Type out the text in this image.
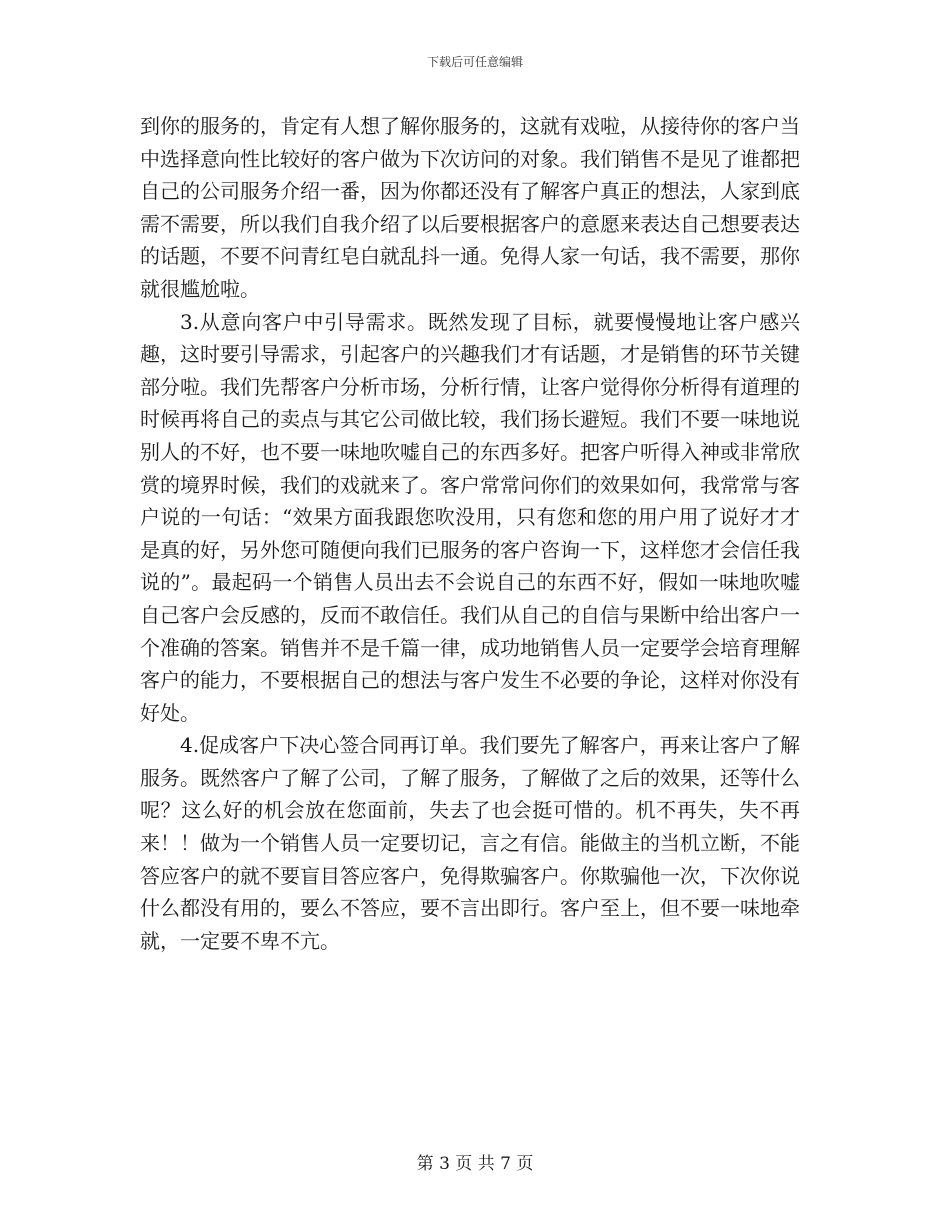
下载后可任意编辑

到你的服务的，肯定有人想了解你服务的，这就有戏啦，从接待你的客户当中选择意向性比较好的客户做为下次访问的对象。我们销售不是见了谁都把自己的公司服务介绍一番，因为你都还没有了解客户真正的想法，人家到底需不需要，所以我们自我介绍了以后要根据客户的意愿来表达自己想要表达的话题，不要不问青红皂白就乱抖一通。免得人家一句话，我不需要，那你就很尴尬啦。

3.从意向客户中引导需求。既然发现了目标，就要慢慢地让客户感兴趣，这时要引导需求，引起客户的兴趣我们才有话题，才是销售的环节关键部分啦。我们先帮客户分析市场，分析行情，让客户觉得你分析得有道理的时候再将自己的卖点与其它公司做比较，我们扬长避短。我们不要一味地说别人的不好，也不要一味地吹嘘自己的东西多好。把客户听得入神或非常欣赏的境界时候，我们的戏就来了。客户常常问你们的效果如何，我常常与客户说的一句话：“效果方面我跟您吹没用，只有您和您的用户用了说好才才是真的好，另外您可随便向我们已服务的客户咨询一下，这样您才会信任我说的”。最起码一个销售人员出去不会说自己的东西不好，假如一味地吹嘘自己客户会反感的，反而不敢信任。我们从自己的自信与果断中给出客户一个准确的答案。销售并不是千篇一律，成功地销售人员一定要学会培育理解客户的能力，不要根据自己的想法与客户发生不必要的争论，这样对你没有好处。

4.促成客户下决心签合同再订单。我们要先了解客户，再来让客户了解服务。既然客户了解了公司，了解了服务，了解做了之后的效果，还等什么呢？这么好的机会放在您面前，失去了也会挺可惜的。机不再失，失不再来！！做为一个销售人员一定要切记，言之有信。能做主的当机立断，不能答应客户的就不要盲目答应客户，免得欺骗客户。你欺骗他一次，下次你说什么都没有用的，要么不答应，要不言出即行。客户至上，但不要一味地牵就，一定要不卑不亢。

第 3 页 共 7 页
